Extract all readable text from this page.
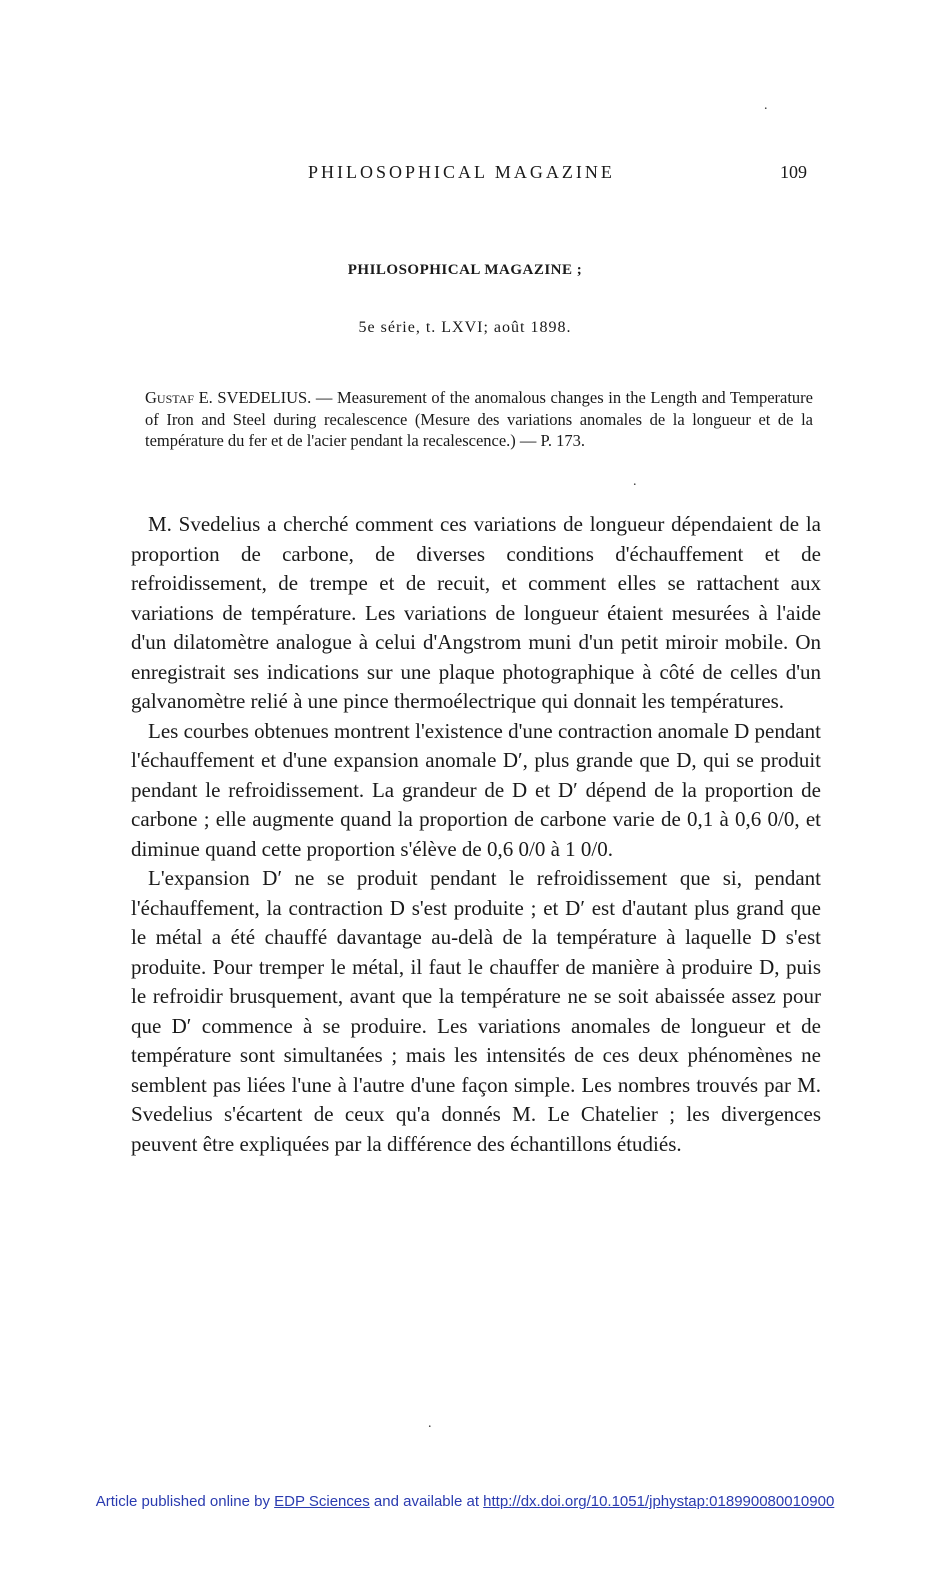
.
.
.
PHILOSOPHICAL MAGAZINE	109
PHILOSOPHICAL MAGAZINE ;
5e série, t. LXVI; août 1898.
Gustaf E. SVEDELIUS. — Measurement of the anomalous changes in the Length and Temperature of Iron and Steel during recalescence (Mesure des variations anomales de la longueur et de la température du fer et de l'acier pendant la recalescence.) — P. 173.

M. Svedelius a cherché comment ces variations de longueur dépendaient de la proportion de carbone, de diverses conditions d'échauffement et de refroidissement, de trempe et de recuit, et comment elles se rattachent aux variations de température. Les variations de longueur étaient mesurées à l'aide d'un dilatomètre analogue à celui d'Angstrom muni d'un petit miroir mobile. On enregistrait ses indications sur une plaque photographique à côté de celles d'un galvanomètre relié à une pince thermoélectrique qui donnait les températures.

Les courbes obtenues montrent l'existence d'une contraction anomale D pendant l'échauffement et d'une expansion anomale D′, plus grande que D, qui se produit pendant le refroidissement. La grandeur de D et D′ dépend de la proportion de carbone ; elle augmente quand la proportion de carbone varie de 0,1 à 0,6 0/0, et diminue quand cette proportion s'élève de 0,6 0/0 à 1 0/0.

L'expansion D′ ne se produit pendant le refroidissement que si, pendant l'échauffement, la contraction D s'est produite ; et D′ est d'autant plus grand que le métal a été chauffé davantage au-delà de la température à laquelle D s'est produite. Pour tremper le métal, il faut le chauffer de manière à produire D, puis le refroidir brusquement, avant que la température ne se soit abaissée assez pour que D′ commence à se produire. Les variations anomales de longueur et de température sont simultanées ; mais les intensités de ces deux phénomènes ne semblent pas liées l'une à l'autre d'une façon simple. Les nombres trouvés par M. Svedelius s'écartent de ceux qu'a donnés M. Le Chatelier ; les divergences peuvent être expliquées par la différence des échantillons étudiés.

Article published online by EDP Sciences and available at http://dx.doi.org/10.1051/jphystap:018990080010900
